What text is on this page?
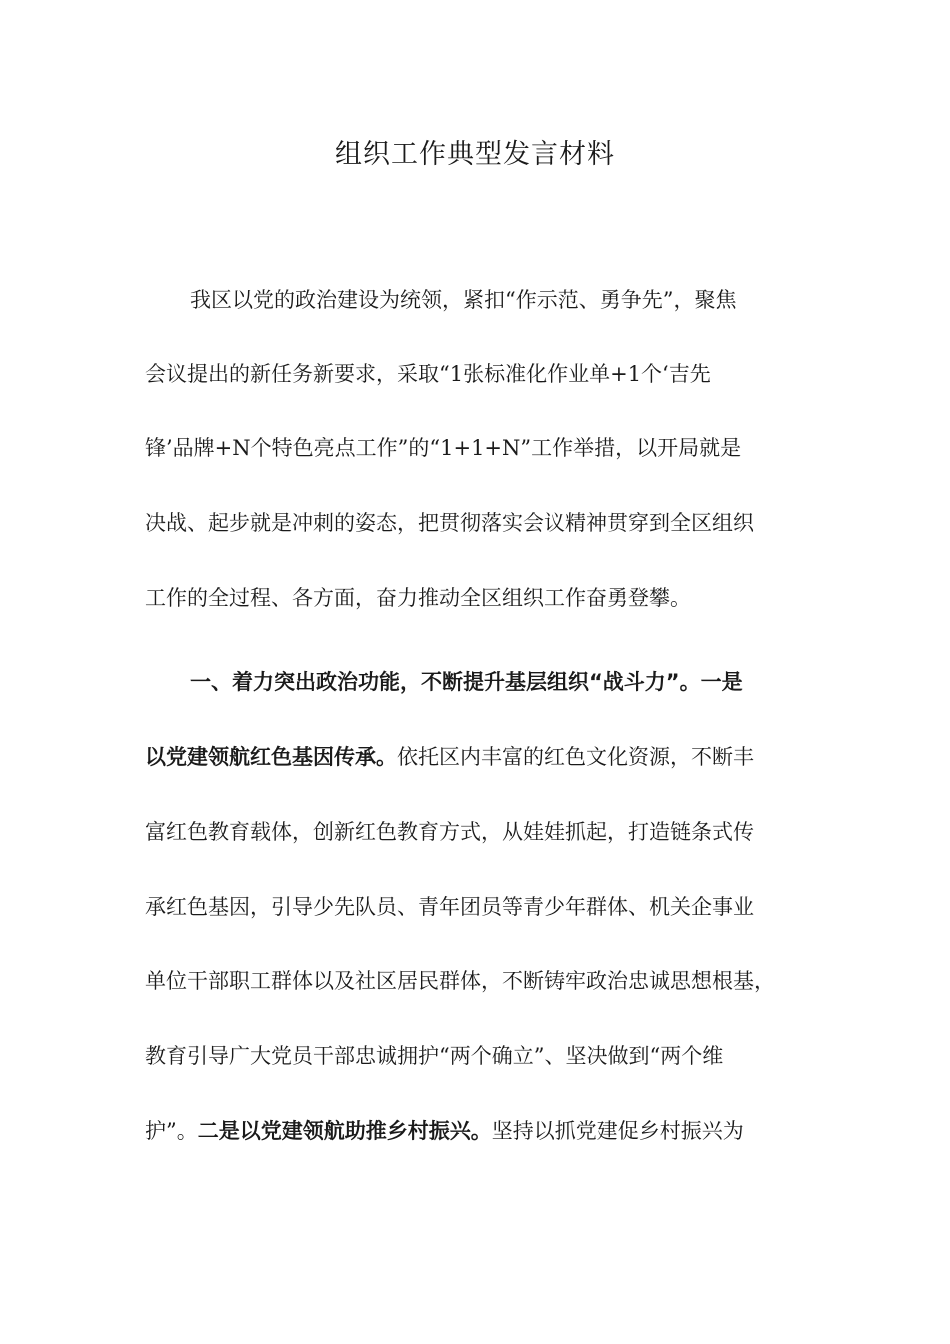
组织工作典型发言材料

我区以党的政治建设为统领，紧扣“作示范、勇争先”，聚焦

会议提出的新任务新要求，采取“1张标准化作业单+1个‘吉先

锋’品牌+N个特色亮点工作”的“1+1+N”工作举措，以开局就是

决战、起步就是冲刺的姿态，把贯彻落实会议精神贯穿到全区组织

工作的全过程、各方面，奋力推动全区组织工作奋勇登攀。

一、着力突出政治功能，不断提升基层组织“战斗力”。一是

以党建领航红色基因传承。依托区内丰富的红色文化资源，不断丰

富红色教育载体，创新红色教育方式，从娃娃抓起，打造链条式传

承红色基因，引导少先队员、青年团员等青少年群体、机关企事业

单位干部职工群体以及社区居民群体，不断铸牢政治忠诚思想根基，

教育引导广大党员干部忠诚拥护“两个确立”、坚决做到“两个维

护”。二是以党建领航助推乡村振兴。坚持以抓党建促乡村振兴为
